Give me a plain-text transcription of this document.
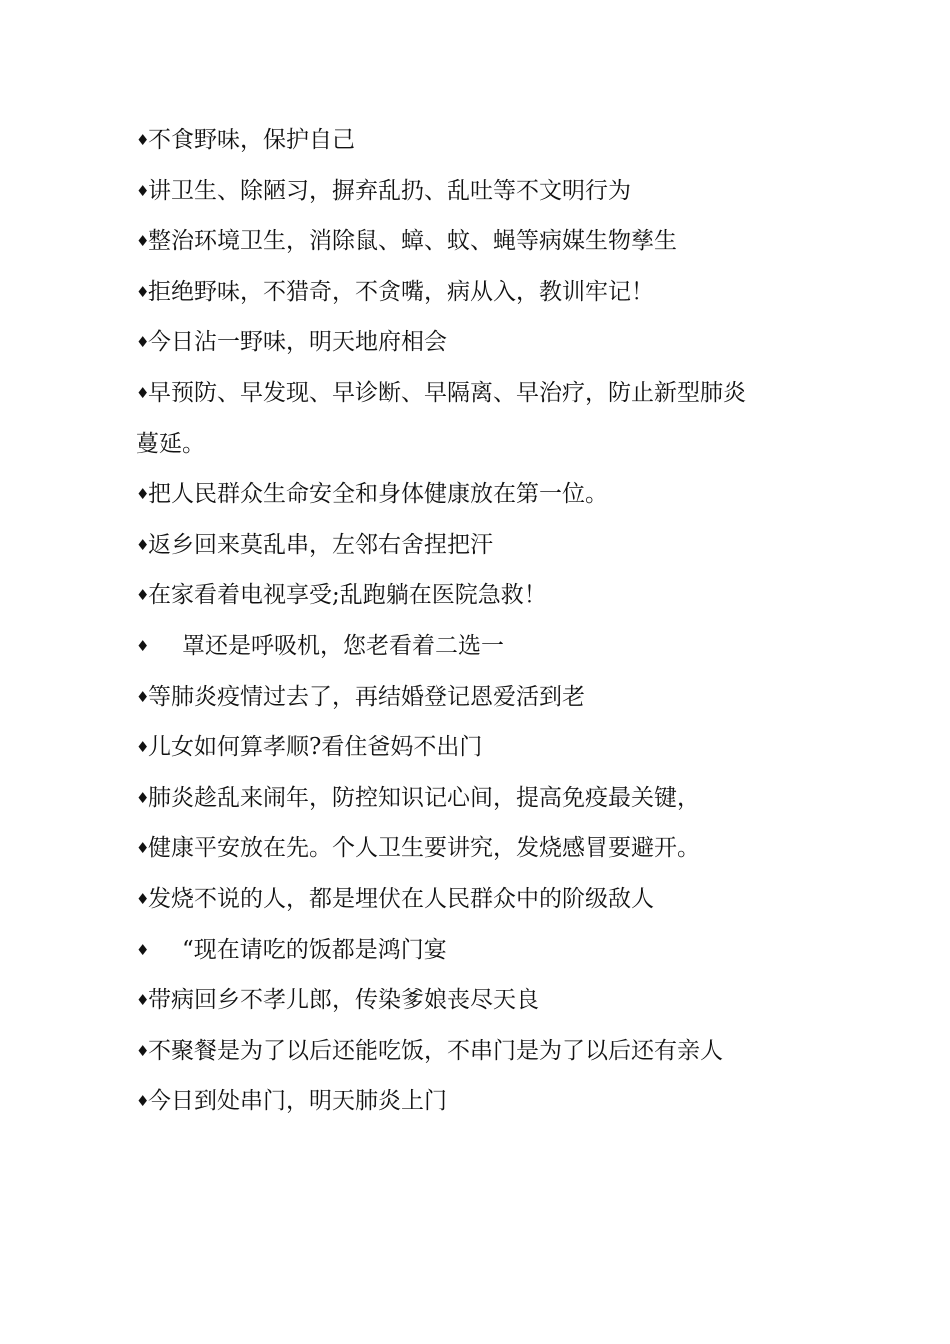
♦不食野味，保护自己

♦讲卫生、除陋习，摒弃乱扔、乱吐等不文明行为

♦整治环境卫生，消除鼠、蟑、蚊、蝇等病媒生物孳生

♦拒绝野味，不猎奇，不贪嘴，病从入，教训牢记！

♦今日沾一野味，明天地府相会

♦早预防、早发现、早诊断、早隔离、早治疗，防止新型肺炎蔓延。

♦把人民群众生命安全和身体健康放在第一位。

♦返乡回来莫乱串，左邻右舍捏把汗

♦在家看着电视享受;乱跑躺在医院急救！

♦ 罩还是呼吸机，您老看着二选一

♦等肺炎疫情过去了，再结婚登记恩爱活到老

♦儿女如何算孝顺?看住爸妈不出门

♦肺炎趁乱来闹年，防控知识记心间，提高免疫最关键，

♦健康平安放在先。个人卫生要讲究，发烧感冒要避开。

♦发烧不说的人，都是埋伏在人民群众中的阶级敌人

♦ “现在请吃的饭都是鸿门宴

♦带病回乡不孝儿郎，传染爹娘丧尽天良

♦不聚餐是为了以后还能吃饭，不串门是为了以后还有亲人

♦今日到处串门，明天肺炎上门
